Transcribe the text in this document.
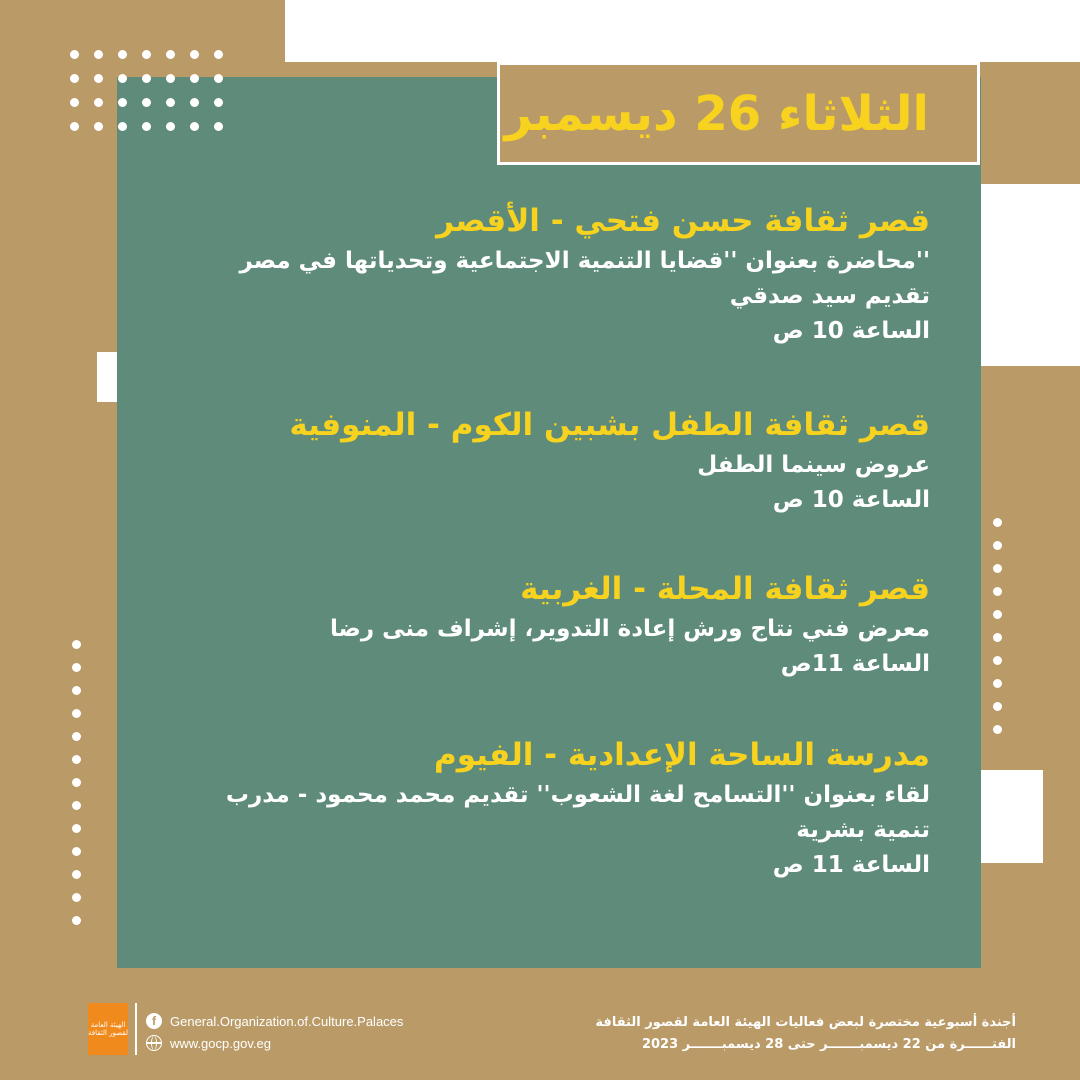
الثلاثاء 26 ديسمبر
قصر ثقافة حسن فتحي - الأقصر
''محاضرة بعنوان ''قضايا التنمية الاجتماعية وتحدياتها في مصر
تقديم سيد صدقي
الساعة 10 ص
قصر ثقافة الطفل بشبين الكوم - المنوفية
عروض سينما الطفل
الساعة 10 ص
قصر ثقافة المحلة - الغربية
معرض فني نتاج ورش إعادة التدوير، إشراف منى رضا
الساعة 11ص
مدرسة الساحة الإعدادية - الفيوم
لقاء بعنوان ''التسامح لغة الشعوب'' تقديم محمد محمود - مدرب تنمية بشرية
الساعة 11 ص
الهيئة العامة لقصور الثقافة
f	General.Organization.of.Culture.Palaces
www.gocp.gov.eg
أجندة أسبوعية مختصرة لبعض فعاليات الهيئة العامة لقصور الثقافة
الفتــــــرة من 22 ديسمبـــــــر حتى 28 ديسمبـــــــر 2023
